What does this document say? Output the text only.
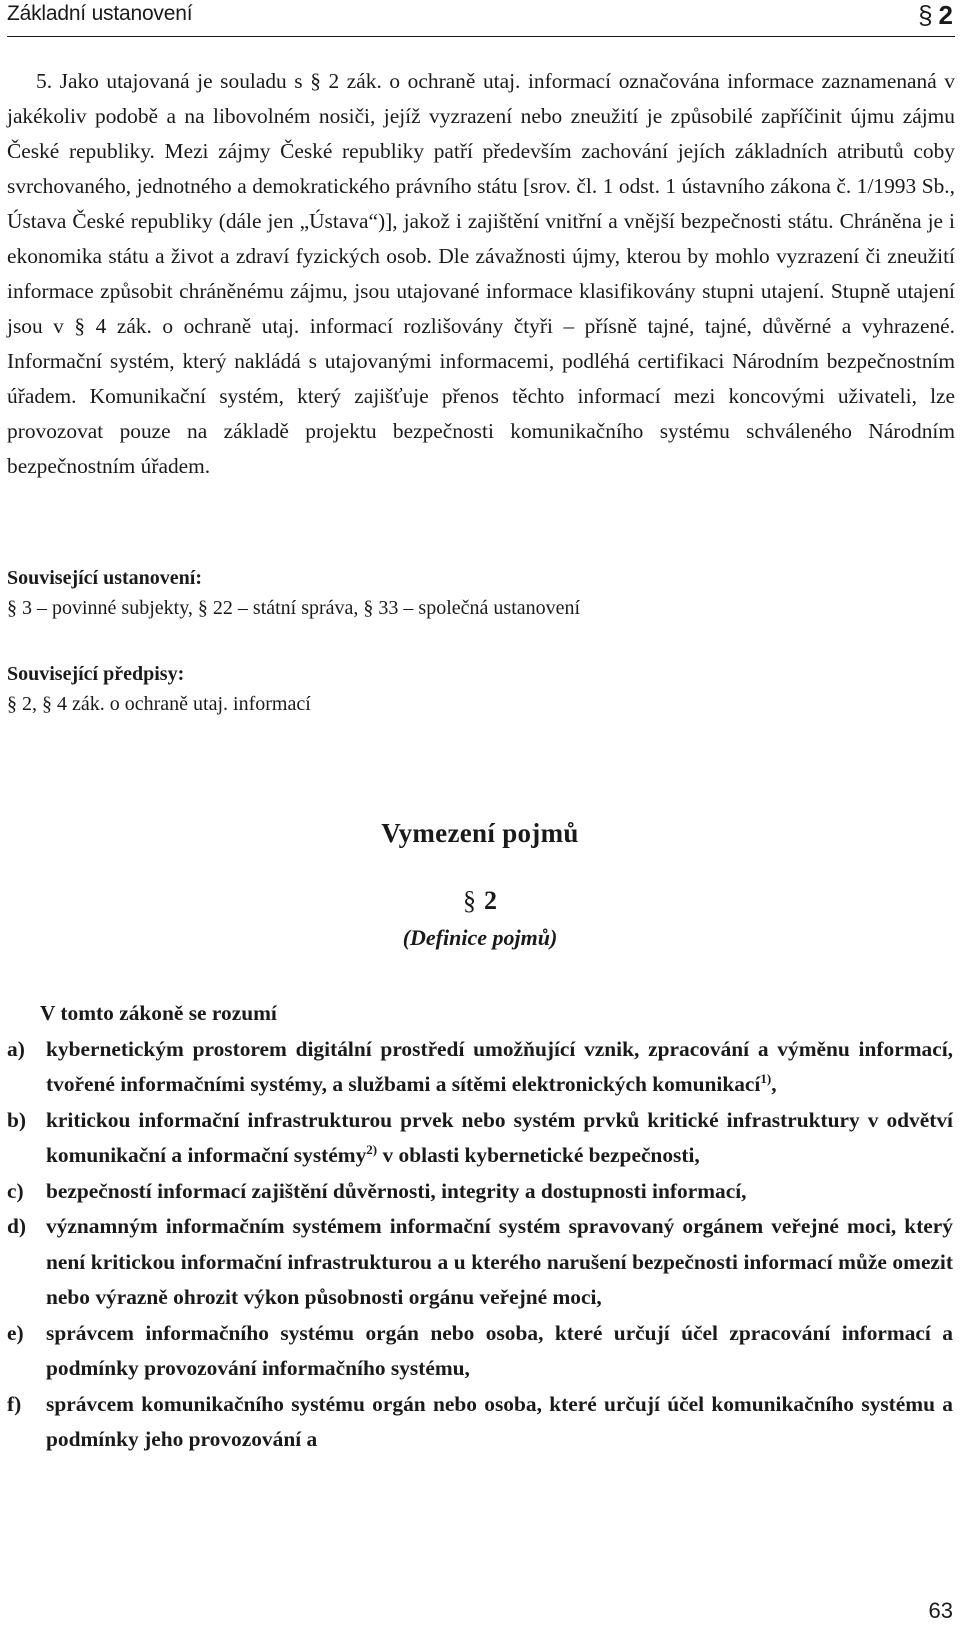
Základní ustanovení	§ 2

5. Jako utajovaná je souladu s § 2 zák. o ochraně utaj. informací označována informace zaznamenaná v jakékoliv podobě a na libovolném nosiči, jejíž vyzrazení nebo zneužití je způsobilé zapříčinit újmu zájmu České republiky. Mezi zájmy České republiky patří především zachování jejích základních atributů coby svrchovaného, jednotného a demokratického právního státu [srov. čl. 1 odst. 1 ústavního zákona č. 1/1993 Sb., Ústava České republiky (dále jen „Ústava“)], jakož i zajištění vnitřní a vnější bezpečnosti státu. Chráněna je i ekonomika státu a život a zdraví fyzických osob. Dle závažnosti újmy, kterou by mohlo vyzrazení či zneužití informace způsobit chráněnému zájmu, jsou utajované informace klasifikovány stupni utajení. Stupně utajení jsou v § 4 zák. o ochraně utaj. informací rozlišovány čtyři – přísně tajné, tajné, důvěrné a vyhrazené. Informační systém, který nakládá s utajovanými informacemi, podléhá certifikaci Národním bezpečnostním úřadem. Komunikační systém, který zajišťuje přenos těchto informací mezi koncovými uživateli, lze provozovat pouze na základě projektu bezpečnosti komunikačního systému schváleného Národním bezpečnostním úřadem.

Související ustanovení:
§ 3 – povinné subjekty, § 22 – státní správa, § 33 – společná ustanovení
Související předpisy:
§ 2, § 4 zák. o ochraně utaj. informací
Vymezení pojmů
§ 2
(Definice pojmů)

V tomto zákoně se rozumí

a) kybernetickým prostorem digitální prostředí umožňující vznik, zpracování a výměnu informací, tvořené informačními systémy, a službami a sítěmi elektronických komunikací$^{1)}$,
b) kritickou informační infrastrukturou prvek nebo systém prvků kritické infrastruktury v odvětví komunikační a informační systémy$^{2)}$ v oblasti kybernetické bezpečnosti,
c) bezpečností informací zajištění důvěrnosti, integrity a dostupnosti informací,
d) významným informačním systémem informační systém spravovaný orgánem veřejné moci, který není kritickou informační infrastrukturou a u kterého narušení bezpečnosti informací může omezit nebo výrazně ohrozit výkon působnosti orgánu veřejné moci,
e) správcem informačního systému orgán nebo osoba, které určují účel zpracování informací a podmínky provozování informačního systému,
f) správcem komunikačního systému orgán nebo osoba, které určují účel komunikačního systému a podmínky jeho provozování a
63
